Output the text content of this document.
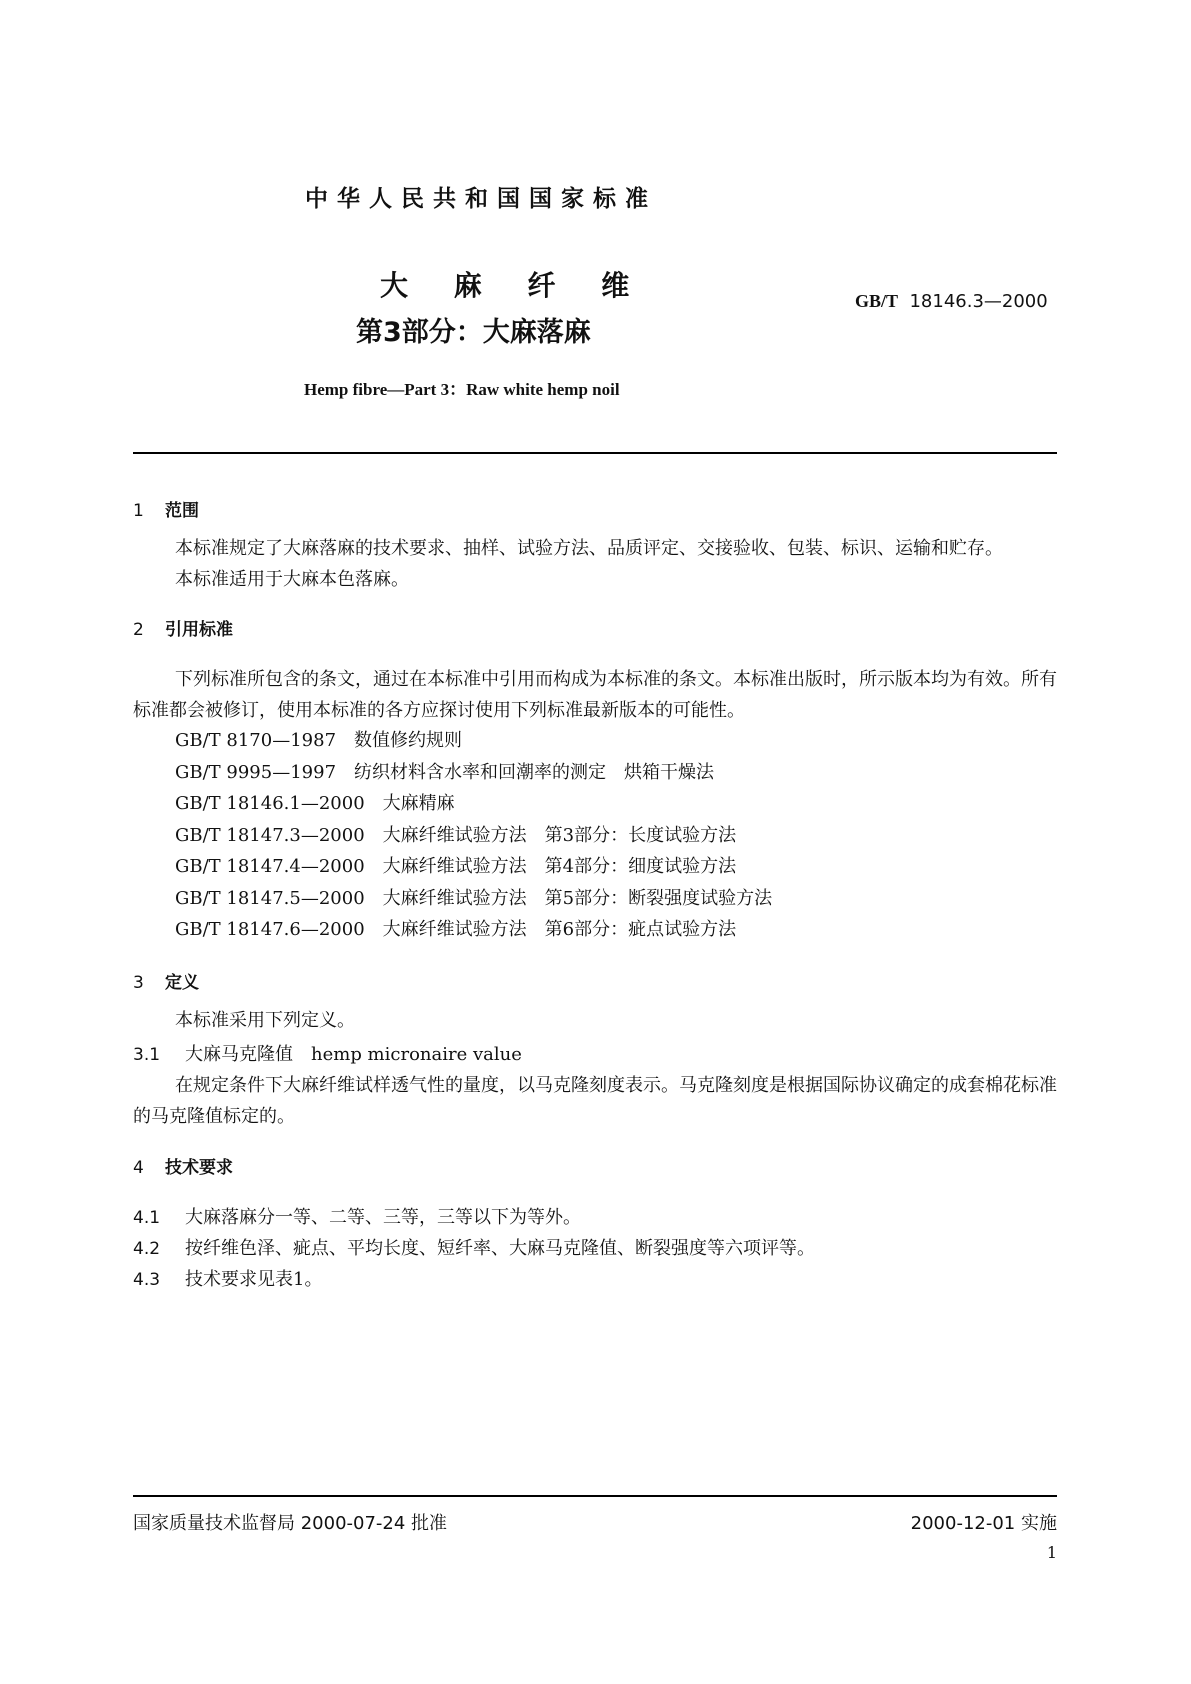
中华人民共和国国家标准
大 麻 纤 维
第3部分：大麻落麻
GB/T 18146.3—2000
Hemp fibre—Part 3：Raw white hemp noil
1 范围
本标准规定了大麻落麻的技术要求、抽样、试验方法、品质评定、交接验收、包装、标识、运输和贮存。
本标准适用于大麻本色落麻。
2 引用标准
下列标准所包含的条文，通过在本标准中引用而构成为本标准的条文。本标准出版时，所示版本均为有效。所有标准都会被修订，使用本标准的各方应探讨使用下列标准最新版本的可能性。
GB/T 8170—1987　数值修约规则
GB/T 9995—1997　纺织材料含水率和回潮率的测定　烘箱干燥法
GB/T 18146.1—2000　大麻精麻
GB/T 18147.3—2000　大麻纤维试验方法　第3部分：长度试验方法
GB/T 18147.4—2000　大麻纤维试验方法　第4部分：细度试验方法
GB/T 18147.5—2000　大麻纤维试验方法　第5部分：断裂强度试验方法
GB/T 18147.6—2000　大麻纤维试验方法　第6部分：疵点试验方法
3 定义
本标准采用下列定义。
3.1 大麻马克隆值　hemp micronaire value
在规定条件下大麻纤维试样透气性的量度，以马克隆刻度表示。马克隆刻度是根据国际协议确定的成套棉花标准的马克隆值标定的。
4 技术要求
4.1 大麻落麻分一等、二等、三等，三等以下为等外。
4.2 按纤维色泽、疵点、平均长度、短纤率、大麻马克隆值、断裂强度等六项评等。
4.3 技术要求见表1。
国家质量技术监督局 2000-07-24 批准	2000-12-01 实施
1
